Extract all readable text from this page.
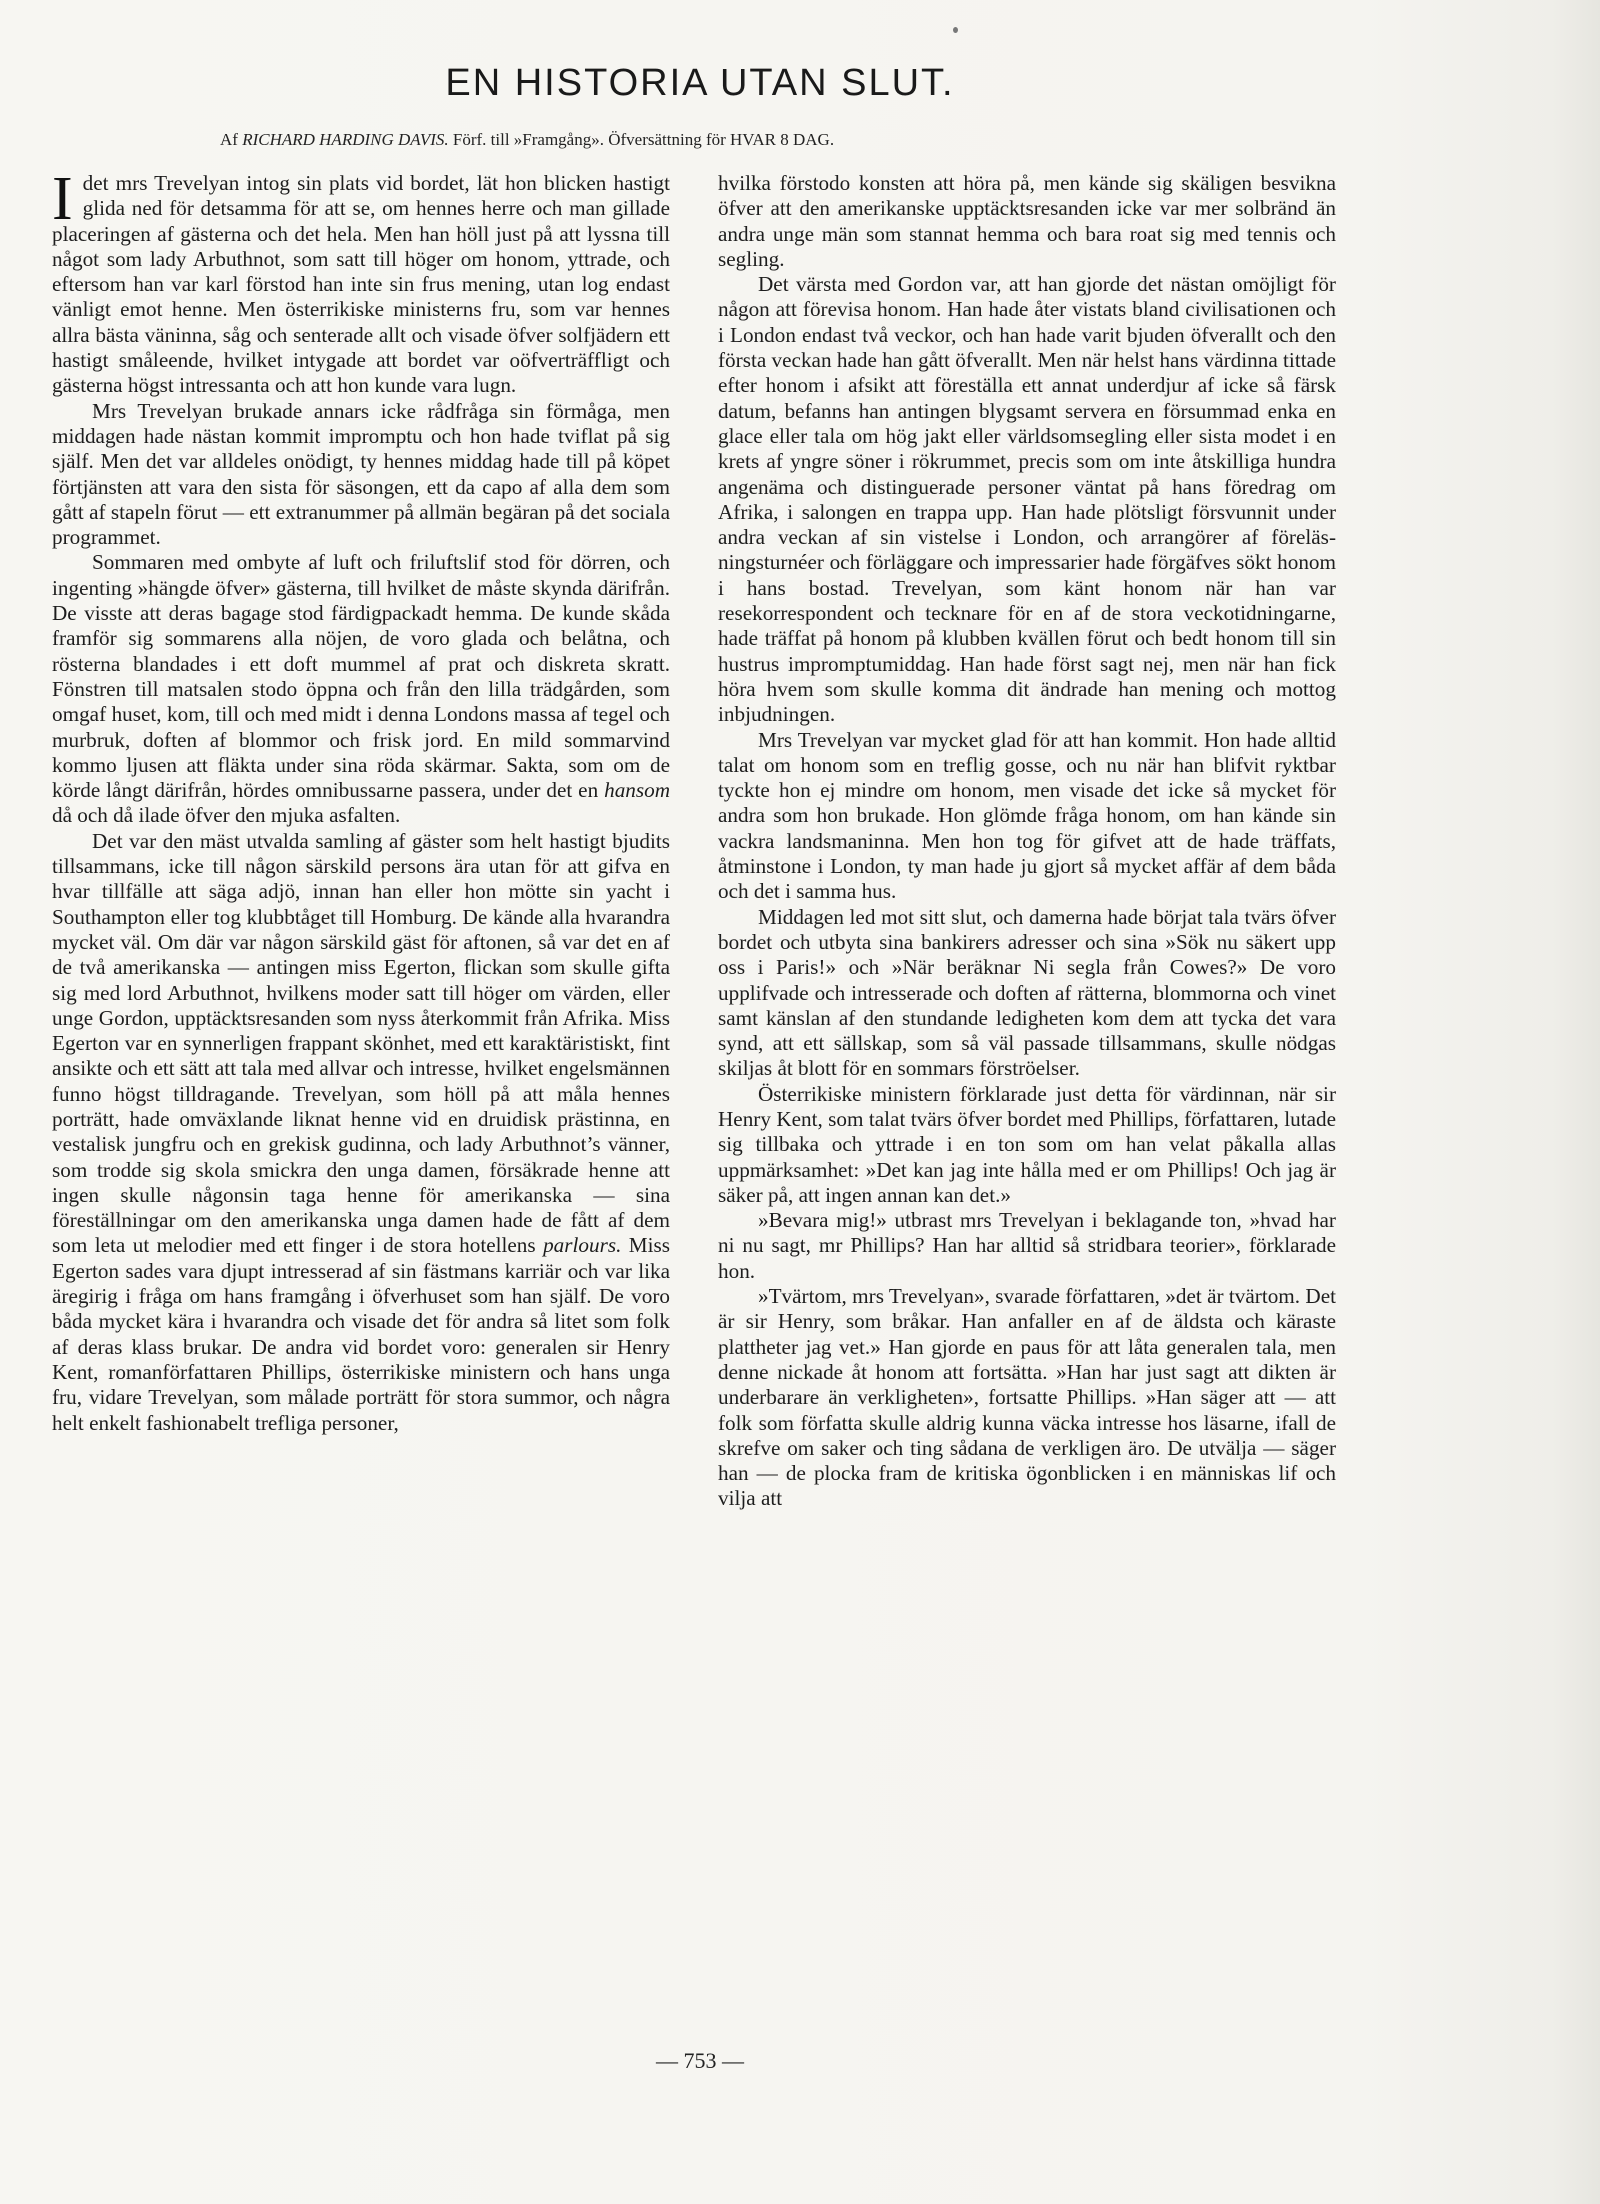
EN HISTORIA UTAN SLUT.
Af RICHARD HARDING DAVIS. Förf. till »Framgång». Öfversättning för HVAR 8 DAG.

Idet mrs Trevelyan intog sin plats vid bordet, lät hon blicken hastigt glida ned för detsamma för att se, om hennes herre och man gillade placeringen af gästerna och det hela. Men han höll just på att lyssna till något som lady Arbuthnot, som satt till höger om honom, yttrade, och eftersom han var karl förstod han inte sin frus mening, utan log endast vänligt emot henne. Men österrikiske ministerns fru, som var hennes allra bästa väninna, såg och senterade allt och visade öfver solfjädern ett hastigt småleende, hvilket intygade att bordet var oöfverträffligt och gästerna högst intressanta och att hon kunde vara lugn.

Mrs Trevelyan brukade annars icke rådfråga sin förmåga, men middagen hade nästan kommit impromptu och hon hade tviflat på sig själf. Men det var alldeles onödigt, ty hennes middag hade till på köpet förtjänsten att vara den sista för säsongen, ett da capo af alla dem som gått af stapeln förut — ett extranummer på allmän begäran på det sociala programmet.

Sommaren med ombyte af luft och friluftslif stod för dörren, och ingenting »hängde öfver» gästerna, till hvilket de måste skynda därifrån. De visste att deras bagage stod färdigpackadt hemma. De kunde skåda framför sig sommarens alla nöjen, de voro glada och belåtna, och rösterna blandades i ett doft mummel af prat och diskreta skratt. Fönstren till matsalen stodo öppna och från den lilla trädgården, som omgaf huset, kom, till och med midt i denna Londons massa af tegel och murbruk, doften af blommor och frisk jord. En mild sommarvind kommo ljusen att fläkta under sina röda skärmar. Sakta, som om de körde långt därifrån, hördes omnibussarne passera, under det en hansom då och då ilade öfver den mjuka asfalten.

Det var den mäst utvalda samling af gäster som helt hastigt bjudits tillsammans, icke till någon särskild persons ära utan för att gifva en hvar tillfälle att säga adjö, innan han eller hon mötte sin yacht i Southampton eller tog klubbtåget till Homburg. De kände alla hvarandra mycket väl. Om där var någon särskild gäst för aftonen, så var det en af de två amerikanska — antingen miss Egerton, flickan som skulle gifta sig med lord Arbuthnot, hvilkens moder satt till höger om värden, eller unge Gordon, upptäcktsresanden som nyss återkommit från Afrika. Miss Egerton var en synnerligen frappant skönhet, med ett karaktäristiskt, fint ansikte och ett sätt att tala med allvar och intresse, hvilket engelsmännen funno högst tilldragande. Trevelyan, som höll på att måla hennes porträtt, hade omväxlande liknat henne vid en druidisk prästinna, en vestalisk jungfru och en grekisk gudinna, och lady Arbuthnot’s vänner, som trodde sig skola smickra den unga damen, försäkrade henne att ingen skulle någonsin taga henne för amerikanska — sina föreställningar om den amerikanska unga damen hade de fått af dem som leta ut melodier med ett finger i de stora hotellens parlours. Miss Egerton sades vara djupt intresserad af sin fästmans karriär och var lika äregirig i fråga om hans framgång i öfverhuset som han själf. De voro båda mycket kära i hvarandra och visade det för andra så litet som folk af deras klass brukar. De andra vid bordet voro: generalen sir Henry Kent, romanförfattaren Phillips, österrikiske ministern och hans unga fru, vidare Trevelyan, som målade porträtt för stora summor, och några helt enkelt fashionabelt trefliga personer,

hvilka förstodo konsten att höra på, men kände sig skäligen besvikna öfver att den amerikanske upptäcktsresanden icke var mer solbränd än andra unge män som stannat hemma och bara roat sig med tennis och segling.

Det värsta med Gordon var, att han gjorde det nästan omöjligt för någon att förevisa honom. Han hade åter vistats bland civilisationen och i London endast två veckor, och han hade varit bjuden öfverallt och den första veckan hade han gått öfverallt. Men när helst hans värdinna tittade efter honom i afsikt att föreställa ett annat underdjur af icke så färsk datum, befanns han antingen blygsamt servera en försummad enka en glace eller tala om hög jakt eller världsomsegling eller sista modet i en krets af yngre söner i rökrummet, precis som om inte åtskilliga hundra angenäma och distinguerade personer väntat på hans föredrag om Afrika, i salongen en trappa upp. Han hade plötsligt försvunnit under andra veckan af sin vistelse i London, och arrangörer af föreläsningsturnéer och förläggare och impressarier hade förgäfves sökt honom i hans bostad. Trevelyan, som känt honom när han var resekorrespondent och tecknare för en af de stora veckotidningarne, hade träffat på honom på klubben kvällen förut och bedt honom till sin hustrus impromptumiddag. Han hade först sagt nej, men när han fick höra hvem som skulle komma dit ändrade han mening och mottog inbjudningen.

Mrs Trevelyan var mycket glad för att han kommit. Hon hade alltid talat om honom som en treflig gosse, och nu när han blifvit ryktbar tyckte hon ej mindre om honom, men visade det icke så mycket för andra som hon brukade. Hon glömde fråga honom, om han kände sin vackra landsmaninna. Men hon tog för gifvet att de hade träffats, åtminstone i London, ty man hade ju gjort så mycket affär af dem båda och det i samma hus.

Middagen led mot sitt slut, och damerna hade börjat tala tvärs öfver bordet och utbyta sina bankirers adresser och sina »Sök nu säkert upp oss i Paris!» och »När beräknar Ni segla från Cowes?» De voro upplifvade och intresserade och doften af rätterna, blommorna och vinet samt känslan af den stundande ledigheten kom dem att tycka det vara synd, att ett sällskap, som så väl passade tillsammans, skulle nödgas skiljas åt blott för en sommars förströelser.

Österrikiske ministern förklarade just detta för värdinnan, när sir Henry Kent, som talat tvärs öfver bordet med Phillips, författaren, lutade sig tillbaka och yttrade i en ton som om han velat påkalla allas uppmärksamhet: »Det kan jag inte hålla med er om Phillips! Och jag är säker på, att ingen annan kan det.»

»Bevara mig!» utbrast mrs Trevelyan i beklagande ton, »hvad har ni nu sagt, mr Phillips? Han har alltid så stridbara teorier», förklarade hon.

»Tvärtom, mrs Trevelyan», svarade författaren, »det är tvärtom. Det är sir Henry, som bråkar. Han anfaller en af de äldsta och käraste plattheter jag vet.» Han gjorde en paus för att låta generalen tala, men denne nickade åt honom att fortsätta. »Han har just sagt att dikten är underbarare än verkligheten», fortsatte Phillips. »Han säger att — att folk som författa skulle aldrig kunna väcka intresse hos läsarne, ifall de skrefve om saker och ting sådana de verkligen äro. De utvälja — säger han — de plocka fram de kritiska ögonblicken i en människas lif och vilja att

— 753 —
